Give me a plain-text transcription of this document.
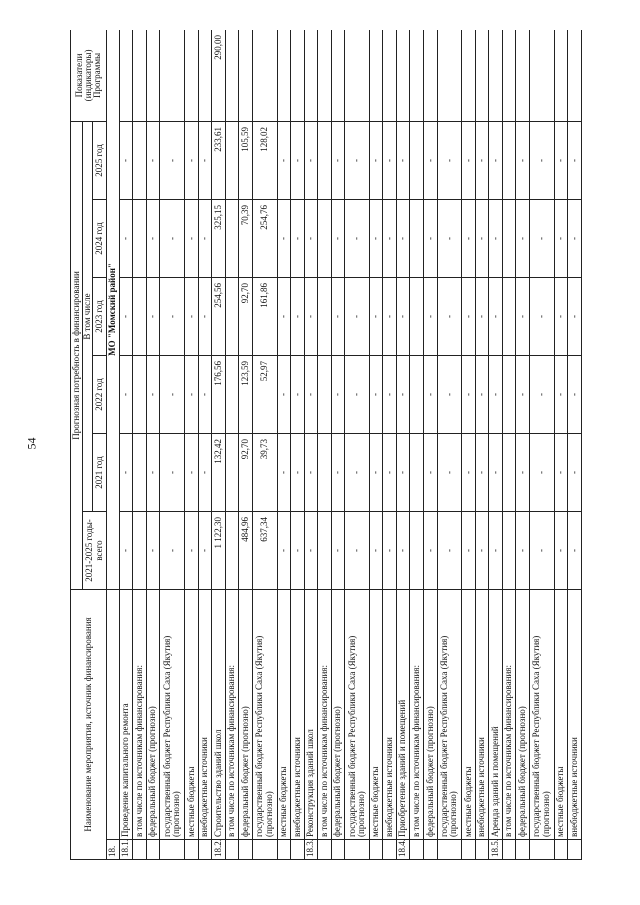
54
Наименование мероприятия, источник финансирования		Прогнозная потребность в финансировании						Показатели (индикаторы) Программы
		2021-2025 годы- всего	В том числе					
			2021 год	2022 год	2023 год	2024 год	2025 год	
18.		МО "Момский район"						
18.1.	Проведение капитального ремонта	-	-	-	-	-	-	
	в том числе по источникам финансирования:							
	федеральный бюджет (прогнозно)	-	-	-	-	-	-	
	государственный бюджет Республики Саха (Якутия) (прогнозно)	-	-	-	-	-	-	
	местные бюджеты	-	-	-	-	-	-	
	внебюджетные источники	-	-	-	-	-	-	
18.2.	Строительство зданий школ	1 122,30	132,42	176,56	254,56	325,15	233,61	290,00
	в том числе по источникам финансирования:							
	федеральный бюджет (прогнозно)	484,96	92,70	123,59	92,70	70,39	105,59	
	государственный бюджет Республики Саха (Якутия) (прогнозно)	637,34	39,73	52,97	161,86	254,76	128,02	
	местные бюджеты	-	-	-	-	-	-	
	внебюджетные источники	-	-	-	-	-	-	
18.3.	Реконструкция зданий школ	-	-	-	-	-	-	
	в том числе по источникам финансирования:							
	федеральный бюджет (прогнозно)	-	-	-	-	-	-	
	государственный бюджет Республики Саха (Якутия) (прогнозно)	-	-	-	-	-	-	
	местные бюджеты	-	-	-	-	-	-	
	внебюджетные источники	-	-	-	-	-	-	
18.4.	Приобретение зданий и помещений	-	-	-	-	-	-	
	в том числе по источникам финансирования:							
	федеральный бюджет (прогнозно)	-	-	-	-	-	-	
	государственный бюджет Республики Саха (Якутия) (прогнозно)	-	-	-	-	-	-	
	местные бюджеты	-	-	-	-	-	-	
	внебюджетные источники	-	-	-	-	-	-	
18.5.	Аренда зданий и помещений	-	-	-	-	-	-	
	в том числе по источникам финансирования:							
	федеральный бюджет (прогнозно)	-	-	-	-	-	-	
	государственный бюджет Республики Саха (Якутия) (прогнозно)	-	-	-	-	-	-	
	местные бюджеты	-	-	-	-	-	-	
	внебюджетные источники	-	-	-	-	-	-	
